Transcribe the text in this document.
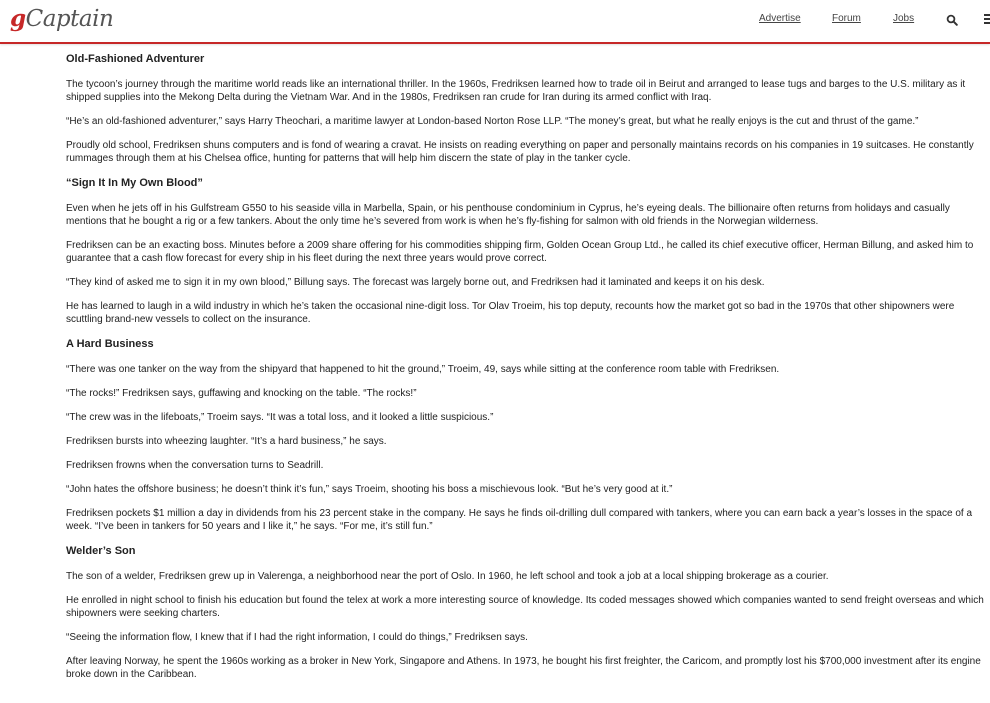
gCaptain	Advertise	Forum	Jobs
Old-Fashioned Adventurer

The tycoon’s journey through the maritime world reads like an international thriller. In the 1960s, Fredriksen learned how to trade oil in Beirut and arranged to lease tugs and barges to the U.S. military as it shipped supplies into the Mekong Delta during the Vietnam War. And in the 1980s, Fredriksen ran crude for Iran during its armed conflict with Iraq.

“He’s an old-fashioned adventurer,” says Harry Theochari, a maritime lawyer at London-based Norton Rose LLP. “The money’s great, but what he really enjoys is the cut and thrust of the game.”

Proudly old school, Fredriksen shuns computers and is fond of wearing a cravat. He insists on reading everything on paper and personally maintains records on his companies in 19 suitcases. He constantly rummages through them at his Chelsea office, hunting for patterns that will help him discern the state of play in the tanker cycle.

“Sign It In My Own Blood”

Even when he jets off in his Gulfstream G550 to his seaside villa in Marbella, Spain, or his penthouse condominium in Cyprus, he’s eyeing deals. The billionaire often returns from holidays and casually mentions that he bought a rig or a few tankers. About the only time he’s severed from work is when he’s fly-fishing for salmon with old friends in the Norwegian wilderness.

Fredriksen can be an exacting boss. Minutes before a 2009 share offering for his commodities shipping firm, Golden Ocean Group Ltd., he called its chief executive officer, Herman Billung, and asked him to guarantee that a cash flow forecast for every ship in his fleet during the next three years would prove correct.

“They kind of asked me to sign it in my own blood,” Billung says. The forecast was largely borne out, and Fredriksen had it laminated and keeps it on his desk.

He has learned to laugh in a wild industry in which he’s taken the occasional nine-digit loss. Tor Olav Troeim, his top deputy, recounts how the market got so bad in the 1970s that other shipowners were scuttling brand-new vessels to collect on the insurance.

A Hard Business

“There was one tanker on the way from the shipyard that happened to hit the ground,” Troeim, 49, says while sitting at the conference room table with Fredriksen.

“The rocks!” Fredriksen says, guffawing and knocking on the table. “The rocks!”

“The crew was in the lifeboats,” Troeim says. “It was a total loss, and it looked a little suspicious.”

Fredriksen bursts into wheezing laughter. “It’s a hard business,” he says.

Fredriksen frowns when the conversation turns to Seadrill.

“John hates the offshore business; he doesn’t think it’s fun,” says Troeim, shooting his boss a mischievous look. “But he’s very good at it.”

Fredriksen pockets $1 million a day in dividends from his 23 percent stake in the company. He says he finds oil-drilling dull compared with tankers, where you can earn back a year’s losses in the space of a week. “I’ve been in tankers for 50 years and I like it,” he says. “For me, it’s still fun.”

Welder’s Son

The son of a welder, Fredriksen grew up in Valerenga, a neighborhood near the port of Oslo. In 1960, he left school and took a job at a local shipping brokerage as a courier.

He enrolled in night school to finish his education but found the telex at work a more interesting source of knowledge. Its coded messages showed which companies wanted to send freight overseas and which shipowners were seeking charters.

“Seeing the information flow, I knew that if I had the right information, I could do things,” Fredriksen says.

After leaving Norway, he spent the 1960s working as a broker in New York, Singapore and Athens. In 1973, he bought his first freighter, the Caricom, and promptly lost his $700,000 investment after its engine broke down in the Caribbean.
